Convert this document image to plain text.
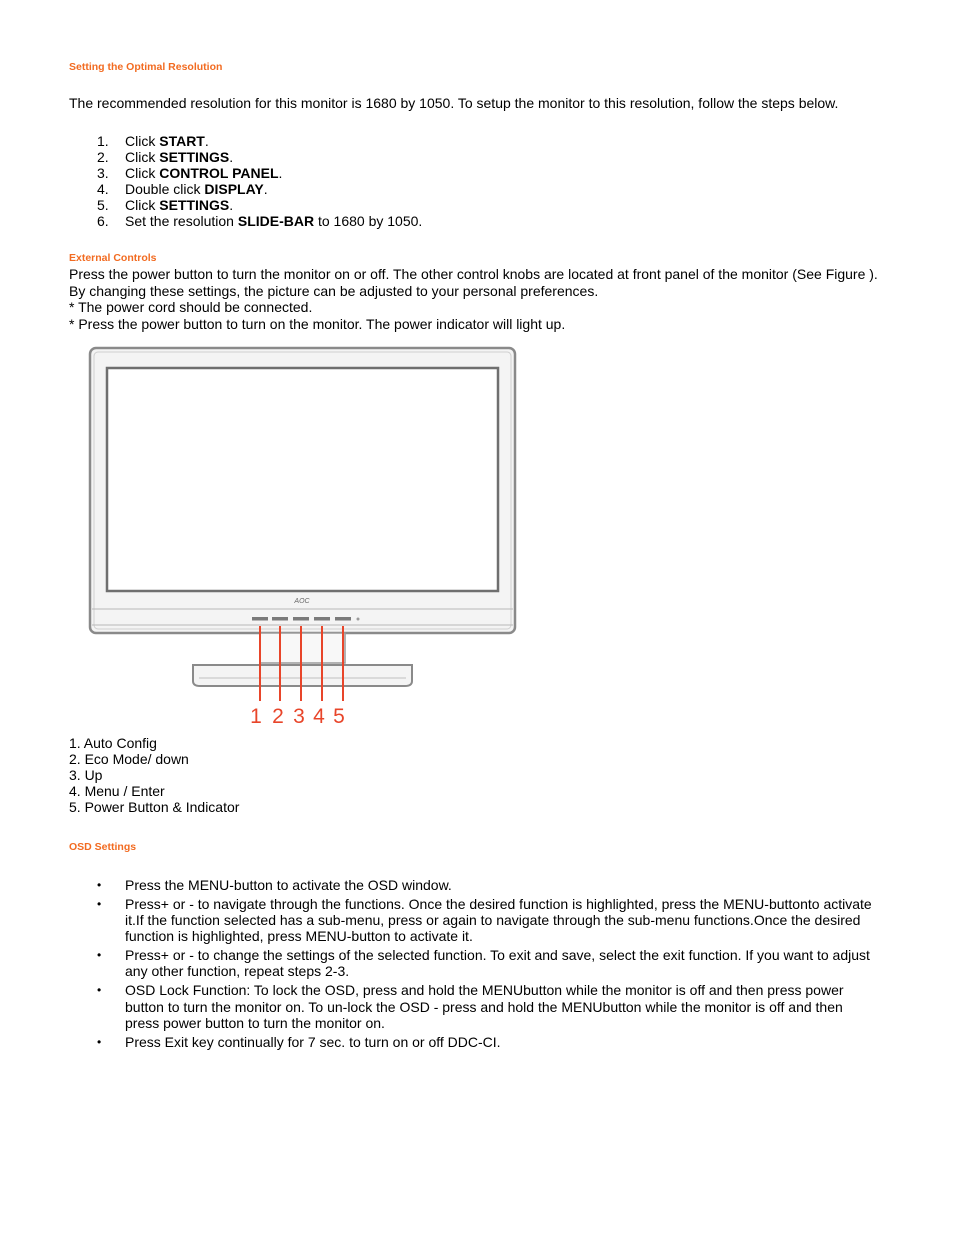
Setting the Optimal Resolution

The recommended resolution for this monitor is 1680 by 1050. To setup the monitor to this resolution, follow the steps below.

1.	Click START.
2.	Click SETTINGS.
3.	Click CONTROL PANEL.
4.	Double click DISPLAY.
5.	Click SETTINGS.
6.	Set the resolution SLIDE-BAR to 1680 by 1050.
External Controls

Press the power button to turn the monitor on or off. The other control knobs are located at front panel of the monitor (See Figure ).

By changing these settings, the picture can be adjusted to your personal preferences.

* The power cord should be connected.

* Press the power button to turn on the monitor. The power indicator will light up.

1. Auto Config
2. Eco Mode/ down
3. Up
4. Menu / Enter
5. Power Button & Indicator
OSD Settings
•	Press the MENU-button to activate the OSD window.
•	Press+ or - to navigate through the functions. Once the desired function is highlighted, press the MENU-buttonto activate it.If the function selected has a sub-menu, press or again to navigate through the sub-menu functions.Once the desired function is highlighted, press MENU-button to activate it.
•	Press+ or - to change the settings of the selected function. To exit and save, select the exit function. If you want to adjust any other function, repeat steps 2-3.
•	OSD Lock Function: To lock the OSD, press and hold the MENUbutton while the monitor is off and then press power button to turn the monitor on. To un-lock the OSD - press and hold the MENUbutton while the monitor is off and then press power button to turn the monitor on.
•	Press Exit key continually for 7 sec. to turn on or off DDC-CI.
AOC
1 2 3 4 5
